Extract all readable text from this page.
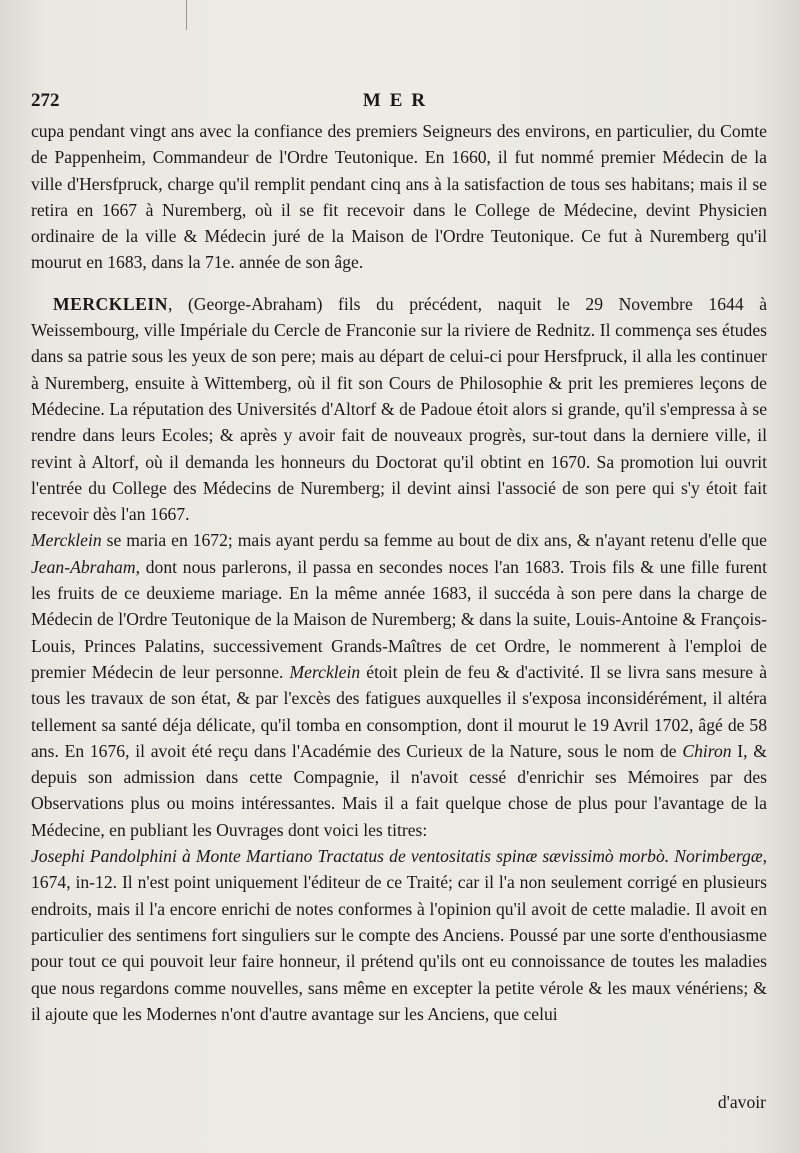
272	MER

cupa pendant vingt ans avec la confiance des premiers Seigneurs des environs, en particulier, du Comte de Pappenheim, Commandeur de l'Ordre Teutonique. En 1660, il fut nommé premier Médecin de la ville d'Hersfpruck, charge qu'il remplit pendant cinq ans à la satisfaction de tous ses habitans; mais il se retira en 1667 à Nuremberg, où il se fit recevoir dans le College de Médecine, devint Physicien ordinaire de la ville & Médecin juré de la Maison de l'Ordre Teutonique. Ce fut à Nuremberg qu'il mourut en 1683, dans la 71e. année de son âge.

MERCKLEIN, (George-Abraham) fils du précédent, naquit le 29 Novembre 1644 à Weissembourg, ville Impériale du Cercle de Franconie sur la riviere de Rednitz. Il commença ses études dans sa patrie sous les yeux de son pere; mais au départ de celui-ci pour Hersfpruck, il alla les continuer à Nuremberg, ensuite à Wittemberg, où il fit son Cours de Philosophie & prit les premieres leçons de Médecine. La réputation des Universités d'Altorf & de Padoue étoit alors si grande, qu'il s'empressa à se rendre dans leurs Ecoles; & après y avoir fait de nouveaux progrès, sur-tout dans la derniere ville, il revint à Altorf, où il demanda les honneurs du Doctorat qu'il obtint en 1670. Sa promotion lui ouvrit l'entrée du College des Médecins de Nuremberg; il devint ainsi l'associé de son pere qui s'y étoit fait recevoir dès l'an 1667.

Mercklein se maria en 1672; mais ayant perdu sa femme au bout de dix ans, & n'ayant retenu d'elle que Jean-Abraham, dont nous parlerons, il passa en secondes noces l'an 1683. Trois fils & une fille furent les fruits de ce deuxieme mariage. En la même année 1683, il succéda à son pere dans la charge de Médecin de l'Ordre Teutonique de la Maison de Nuremberg; & dans la suite, Louis-Antoine & François-Louis, Princes Palatins, successivement Grands-Maîtres de cet Ordre, le nommerent à l'emploi de premier Médecin de leur personne. Mercklein étoit plein de feu & d'activité. Il se livra sans mesure à tous les travaux de son état, & par l'excès des fatigues auxquelles il s'exposa inconsidérément, il altéra tellement sa santé déja délicate, qu'il tomba en consomption, dont il mourut le 19 Avril 1702, âgé de 58 ans. En 1676, il avoit été reçu dans l'Académie des Curieux de la Nature, sous le nom de Chiron I, & depuis son admission dans cette Compagnie, il n'avoit cessé d'enrichir ses Mémoires par des Observations plus ou moins intéressantes. Mais il a fait quelque chose de plus pour l'avantage de la Médecine, en publiant les Ouvrages dont voici les titres:

Josephi Pandolphini à Monte Martiano Tractatus de ventositatis spinæ sævissimò morbò. Norimbergæ, 1674, in-12. Il n'est point uniquement l'éditeur de ce Traité; car il l'a non seulement corrigé en plusieurs endroits, mais il l'a encore enrichi de notes conformes à l'opinion qu'il avoit de cette maladie. Il avoit en particulier des sentimens fort singuliers sur le compte des Anciens. Poussé par une sorte d'enthousiasme pour tout ce qui pouvoit leur faire honneur, il prétend qu'ils ont eu connoissance de toutes les maladies que nous regardons comme nouvelles, sans même en excepter la petite vérole & les maux vénériens; & il ajoute que les Modernes n'ont d'autre avantage sur les Anciens, que celui

d'avoir
